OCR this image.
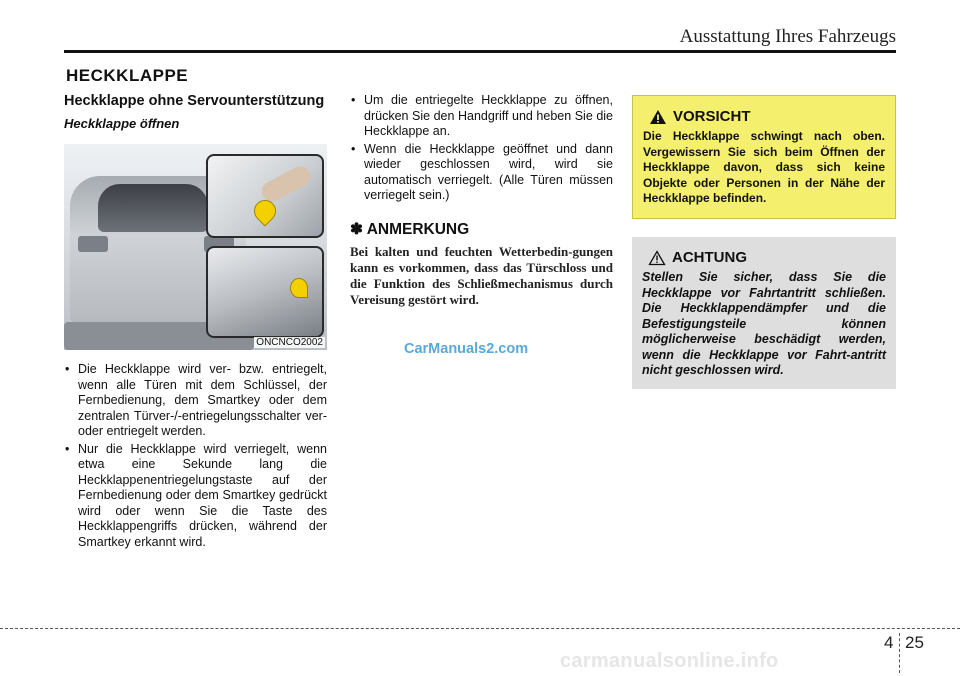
Ausstattung Ihres Fahrzeugs
HECKKLAPPE
Heckklappe ohne Servounterstützung
Heckklappe öffnen
ONCNCO2002
• Die Heckklappe wird ver- bzw. entriegelt, wenn alle Türen mit dem Schlüssel, der Fernbedienung, dem Smartkey oder dem zentralen Türver-/-entriegelungsschalter ver- oder entriegelt werden.
• Nur die Heckklappe wird verriegelt, wenn etwa eine Sekunde lang die Heckklappenentriegelungstaste auf der Fernbedienung oder dem Smartkey gedrückt wird oder wenn Sie die Taste des Heckklappengriffs drücken, während der Smartkey erkannt wird.
• Um die entriegelte Heckklappe zu öffnen, drücken Sie den Handgriff und heben Sie die Heckklappe an.
• Wenn die Heckklappe geöffnet und dann wieder geschlossen wird, wird sie automatisch verriegelt. (Alle Türen müssen verriegelt sein.)
✽ ANMERKUNG
Bei kalten und feuchten Wetterbedin-gungen kann es vorkommen, dass das Türschloss und die Funktion des Schließmechanismus durch Vereisung gestört wird.
CarManuals2.com
VORSICHT
Die Heckklappe schwingt nach oben. Vergewissern Sie sich beim Öffnen der Heckklappe davon, dass sich keine Objekte oder Personen in der Nähe der Heckklappe befinden.
ACHTUNG
Stellen Sie sicher, dass Sie die Heckklappe vor Fahrtantritt schließen. Die Heckklappendämpfer und die Befestigungsteile können möglicherweise beschädigt werden, wenn die Heckklappe vor Fahrt-antritt nicht geschlossen wird.
4 25
carmanualsonline.info
